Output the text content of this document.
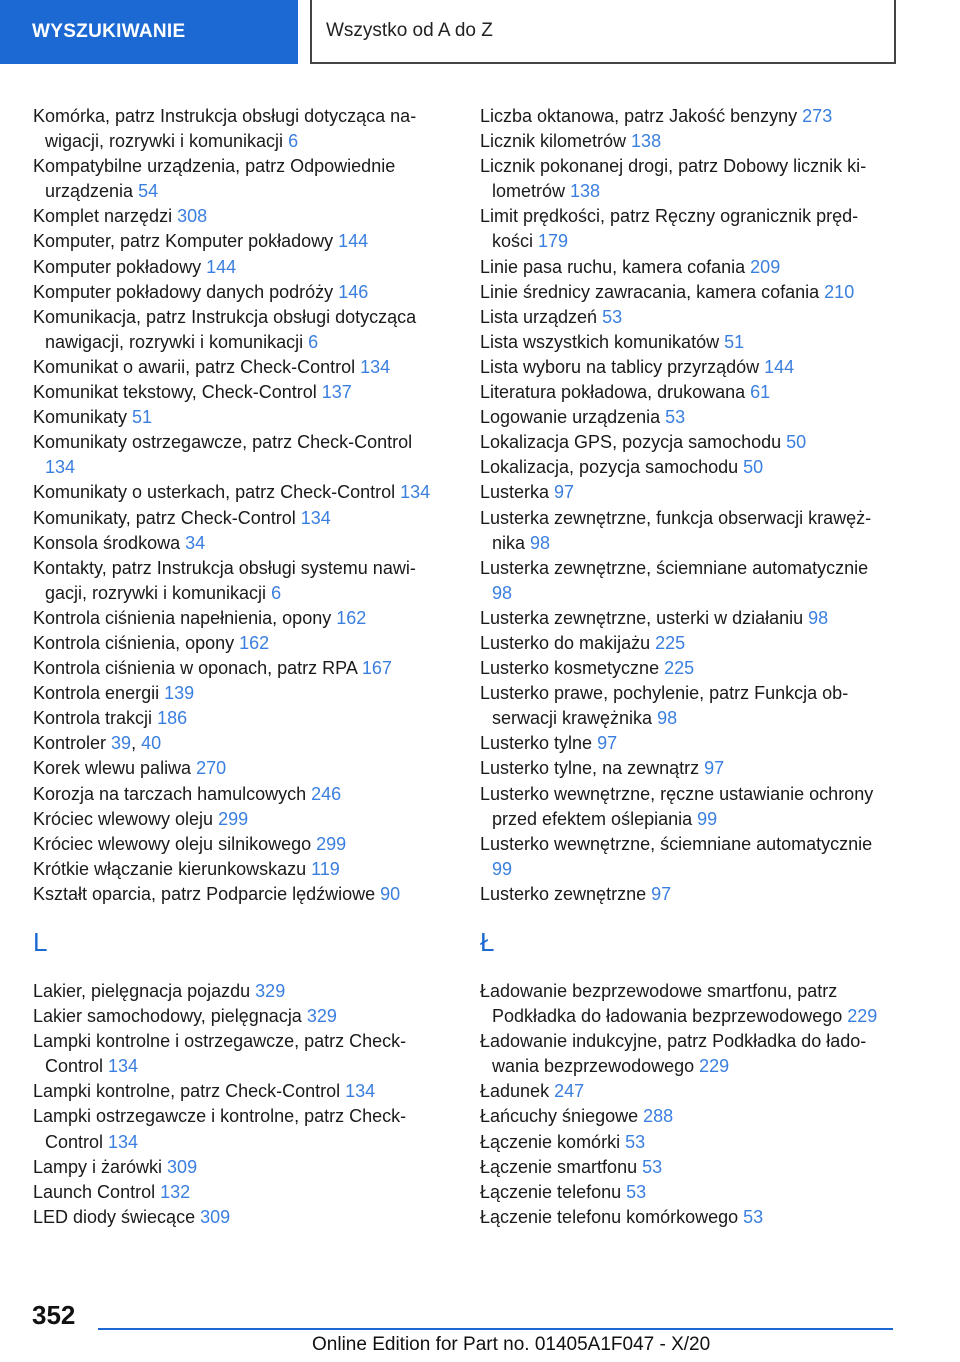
WYSZUKIWANIE	Wszystko od A do Z
Komórka, patrz Instrukcja obsługi dotycząca nawigacji, rozrywki i komunikacji 6
Kompatybilne urządzenia, patrz Odpowiednie urządzenia 54
Komplet narzędzi 308
Komputer, patrz Komputer pokładowy 144
Komputer pokładowy 144
Komputer pokładowy danych podróży 146
Komunikacja, patrz Instrukcja obsługi dotycząca nawigacji, rozrywki i komunikacji 6
Komunikat o awarii, patrz Check-Control 134
Komunikat tekstowy, Check-Control 137
Komunikaty 51
Komunikaty ostrzegawcze, patrz Check-Control 134
Komunikaty o usterkach, patrz Check-Control 134
Komunikaty, patrz Check-Control 134
Konsola środkowa 34
Kontakty, patrz Instrukcja obsługi systemu nawigacji, rozrywki i komunikacji 6
Kontrola ciśnienia napełnienia, opony 162
Kontrola ciśnienia, opony 162
Kontrola ciśnienia w oponach, patrz RPA 167
Kontrola energii 139
Kontrola trakcji 186
Kontroler 39, 40
Korek wlewu paliwa 270
Korozja na tarczach hamulcowych 246
Króciec wlewowy oleju 299
Króciec wlewowy oleju silnikowego 299
Krótkie włączanie kierunkowskazu 119
Kształt oparcia, patrz Podparcie lędźwiowe 90
L
Lakier, pielęgnacja pojazdu 329
Lakier samochodowy, pielęgnacja 329
Lampki kontrolne i ostrzegawcze, patrz Check-Control 134
Lampki kontrolne, patrz Check-Control 134
Lampki ostrzegawcze i kontrolne, patrz Check-Control 134
Lampy i żarówki 309
Launch Control 132
LED diody świecące 309
Liczba oktanowa, patrz Jakość benzyny 273
Licznik kilometrów 138
Licznik pokonanej drogi, patrz Dobowy licznik kilometrów 138
Limit prędkości, patrz Ręczny ogranicznik prędkości 179
Linie pasa ruchu, kamera cofania 209
Linie średnicy zawracania, kamera cofania 210
Lista urządzeń 53
Lista wszystkich komunikatów 51
Lista wyboru na tablicy przyrządów 144
Literatura pokładowa, drukowana 61
Logowanie urządzenia 53
Lokalizacja GPS, pozycja samochodu 50
Lokalizacja, pozycja samochodu 50
Lusterka 97
Lusterka zewnętrzne, funkcja obserwacji krawężnika 98
Lusterka zewnętrzne, ściemniane automatycznie 98
Lusterka zewnętrzne, usterki w działaniu 98
Lusterko do makijażu 225
Lusterko kosmetyczne 225
Lusterko prawe, pochylenie, patrz Funkcja obserwacji krawężnika 98
Lusterko tylne 97
Lusterko tylne, na zewnątrz 97
Lusterko wewnętrzne, ręczne ustawianie ochrony przed efektem oślepiania 99
Lusterko wewnętrzne, ściemniane automatycznie 99
Lusterko zewnętrzne 97
Ł
Ładowanie bezprzewodowe smartfonu, patrz Podkładka do ładowania bezprzewodowego 229
Ładowanie indukcyjne, patrz Podkładka do ładowania bezprzewodowego 229
Ładunek 247
Łańcuchy śniegowe 288
Łączenie komórki 53
Łączenie smartfonu 53
Łączenie telefonu 53
Łączenie telefonu komórkowego 53
352
Online Edition for Part no. 01405A1F047 - X/20
